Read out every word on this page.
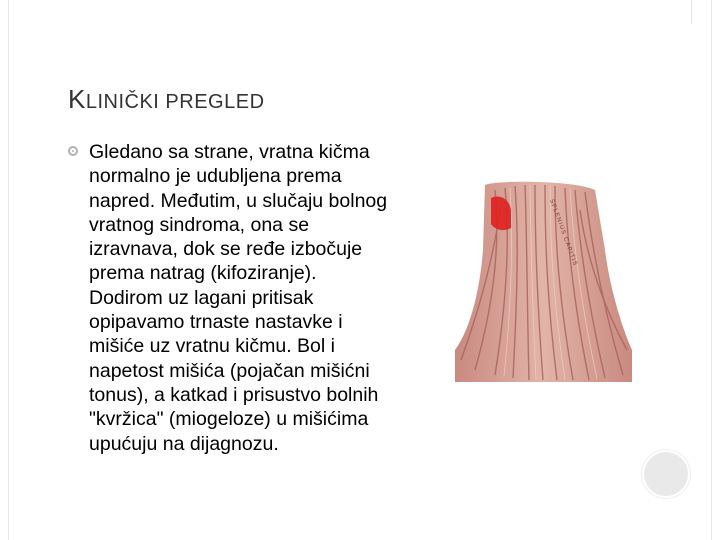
KLINIČKI PREGLED
Gledano sa strane, vratna kičma
normalno je udubljena prema
napred. Međutim, u slučaju bolnog
vratnog sindroma, ona se
izravnava, dok se ređe izbočuje
prema natrag (kifoziranje).
Dodirom uz lagani pritisak
opipavamo trnaste nastavke i
mišiće uz vratnu kičmu. Bol i
napetost mišića (pojačan mišićni
tonus), a katkad i prisustvo bolnih
"kvržica" (miogeloze) u mišićima
upućuju na dijagnozu.
SPLENIUS CAPITIS
